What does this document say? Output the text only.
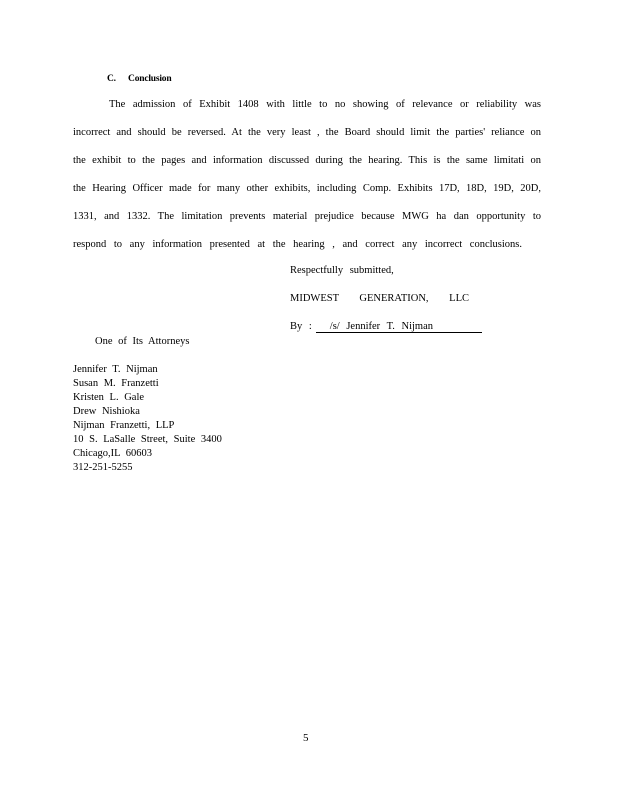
C. Conclusion
The admission of Exhibit 1408 with little to no showing of relevance or reliability was
incorrect and should be reversed. At the very least , the Board should limit the parties' reliance on
the exhibit to the pages and information discussed during the hearing. This is the same limitati on
the Hearing Officer made for many other exhibits, including Comp. Exhibits 17D, 18D, 19D, 20D,
1331, and 1332. The limitation prevents material prejudice because MWG ha dan opportunity to
respond to any information presented at the hearing , and correct any incorrect conclusions.
Respectfully submitted,
MIDWEST GENERATION, LLC
By : /s/ Jennifer T. Nijman
One of Its Attorneys
Jennifer T. Nijman
Susan M. Franzetti
Kristen L. Gale
Drew Nishioka
Nijman Franzetti, LLP
10 S. LaSalle Street, Suite 3400
Chicago,IL 60603
312-251-5255
5
